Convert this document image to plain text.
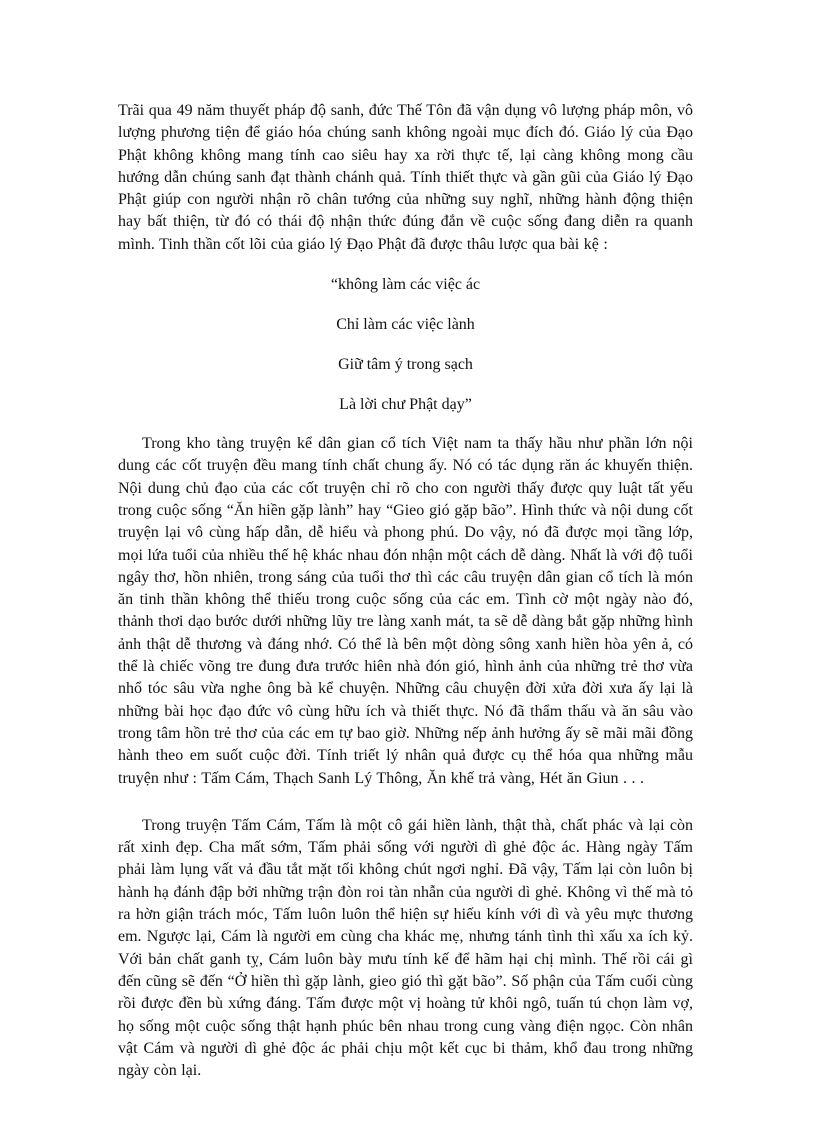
Trãi qua 49 năm thuyết pháp độ sanh, đức Thế Tôn đã vận dụng vô lượng pháp môn, vô lượng phương tiện để giáo hóa chúng sanh không ngoài mục đích đó. Giáo lý của Đạo Phật không không mang tính cao siêu hay xa rời thực tế, lại càng không mong cầu hướng dẫn chúng sanh đạt thành chánh quả. Tính thiết thực và gần gũi của Giáo lý Đạo Phật giúp con người nhận rõ chân tướng của những suy nghĩ, những hành động thiện hay bất thiện, từ đó có thái độ nhận thức đúng đắn về cuộc sống đang diễn ra quanh mình. Tinh thần cốt lõi của giáo lý Đạo Phật đã được thâu lược qua bài kệ :

“không làm các việc ác

Chỉ làm các việc lành

Giữ tâm ý trong sạch

Là lời chư Phật dạy”

Trong kho tàng truyện kể dân gian cổ tích Việt nam ta thấy hầu như phần lớn nội dung các cốt truyện đều mang tính chất chung ấy. Nó có tác dụng răn ác khuyến thiện. Nội dung chủ đạo của các cốt truyện chỉ rõ cho con người thấy được quy luật tất yếu trong cuộc sống “Ăn hiền gặp lành” hay “Gieo gió gặp bão”. Hình thức và nội dung cốt truyện lại vô cùng hấp dẫn, dễ hiểu và phong phú. Do vậy, nó đã được mọi tầng lớp, mọi lứa tuổi của nhiều thế hệ khác nhau đón nhận một cách dễ dàng. Nhất là với độ tuổi ngây thơ, hồn nhiên, trong sáng của tuổi thơ thì các câu truyện dân gian cổ tích là món ăn tinh thần không thể thiếu trong cuộc sống của các em. Tình cờ một ngày nào đó, thảnh thơi dạo bước dưới những lũy tre làng xanh mát, ta sẽ dễ dàng bắt gặp những hình ảnh thật dễ thương và đáng nhớ. Có thể là bên một dòng sông xanh hiền hòa yên ả, có thể là chiếc võng tre đung đưa trước hiên nhà đón gió, hình ảnh của những trẻ thơ vừa nhổ tóc sâu vừa nghe ông bà kể chuyện. Những câu chuyện đời xửa đời xưa ấy lại là những bài học đạo đức vô cùng hữu ích và thiết thực. Nó đã thẩm thấu và ăn sâu vào trong tâm hồn trẻ thơ của các em tự bao giờ. Những nếp ảnh hưởng ấy sẽ mãi mãi đồng hành theo em suốt cuộc đời. Tính triết lý nhân quả được cụ thể hóa qua những mẫu truyện như : Tấm Cám, Thạch Sanh Lý Thông, Ăn khế trả vàng, Hét ăn Giun . . .

Trong truyện Tấm Cám, Tấm là một cô gái hiền lành, thật thà, chất phác và lại còn rất xinh đẹp. Cha mất sớm, Tấm phải sống với người dì ghẻ độc ác. Hàng ngày Tấm phải làm lụng vất vả đầu tắt mặt tối không chút ngơi nghỉ. Đã vậy, Tấm lại còn luôn bị hành hạ đánh đập bởi những trận đòn roi tàn nhẫn của người dì ghẻ. Không vì thế mà tỏ ra hờn giận trách móc, Tấm luôn luôn thể hiện sự hiếu kính với dì và yêu mực thương em. Ngược lại, Cám là người em cùng cha khác mẹ, nhưng tánh tình thì xấu xa ích kỷ. Với bản chất ganh tỵ, Cám luôn bày mưu tính kế để hãm hại chị mình. Thế rồi cái gì đến cũng sẽ đến “Ở hiền thì gặp lành, gieo gió thì gặt bão”. Số phận của Tấm cuối cùng rồi được đền bù xứng đáng. Tấm được một vị hoàng tử khôi ngô, tuấn tú chọn làm vợ, họ sống một cuộc sống thật hạnh phúc bên nhau trong cung vàng điện ngọc. Còn nhân vật Cám và người dì ghẻ độc ác phải chịu một kết cục bi thảm, khổ đau trong những ngày còn lại.
